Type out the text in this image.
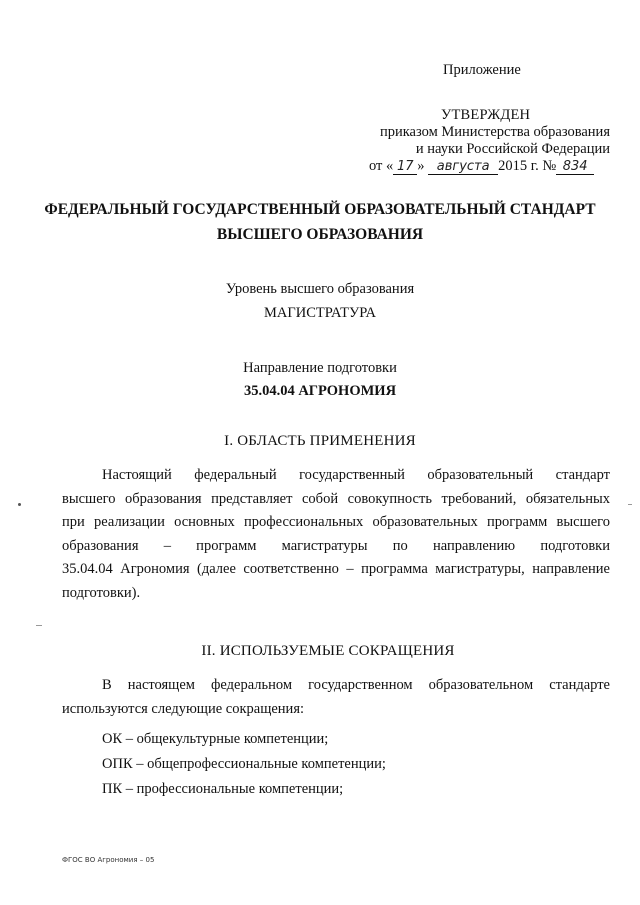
Приложение
УТВЕРЖДЕН
приказом Министерства образования
и науки Российской Федерации
от « 17 » августа 2015 г. № 834
ФЕДЕРАЛЬНЫЙ ГОСУДАРСТВЕННЫЙ ОБРАЗОВАТЕЛЬНЫЙ СТАНДАРТ
ВЫСШЕГО ОБРАЗОВАНИЯ
Уровень высшего образования
МАГИСТРАТУРА
Направление подготовки
35.04.04 АГРОНОМИЯ
I. ОБЛАСТЬ ПРИМЕНЕНИЯ
Настоящий федеральный государственный образовательный стандарт
высшего образования представляет собой совокупность требований, обязательных
при реализации основных профессиональных образовательных программ высшего
образования – программ магистратуры по направлению подготовки
35.04.04 Агрономия (далее соответственно – программа магистратуры, направление
подготовки).
II. ИСПОЛЬЗУЕМЫЕ СОКРАЩЕНИЯ
В настоящем федеральном государственном образовательном стандарте
используются следующие сокращения:
ОК – общекультурные компетенции;
ОПК – общепрофессиональные компетенции;
ПК – профессиональные компетенции;
ФГОС ВО Агрономия – 05
